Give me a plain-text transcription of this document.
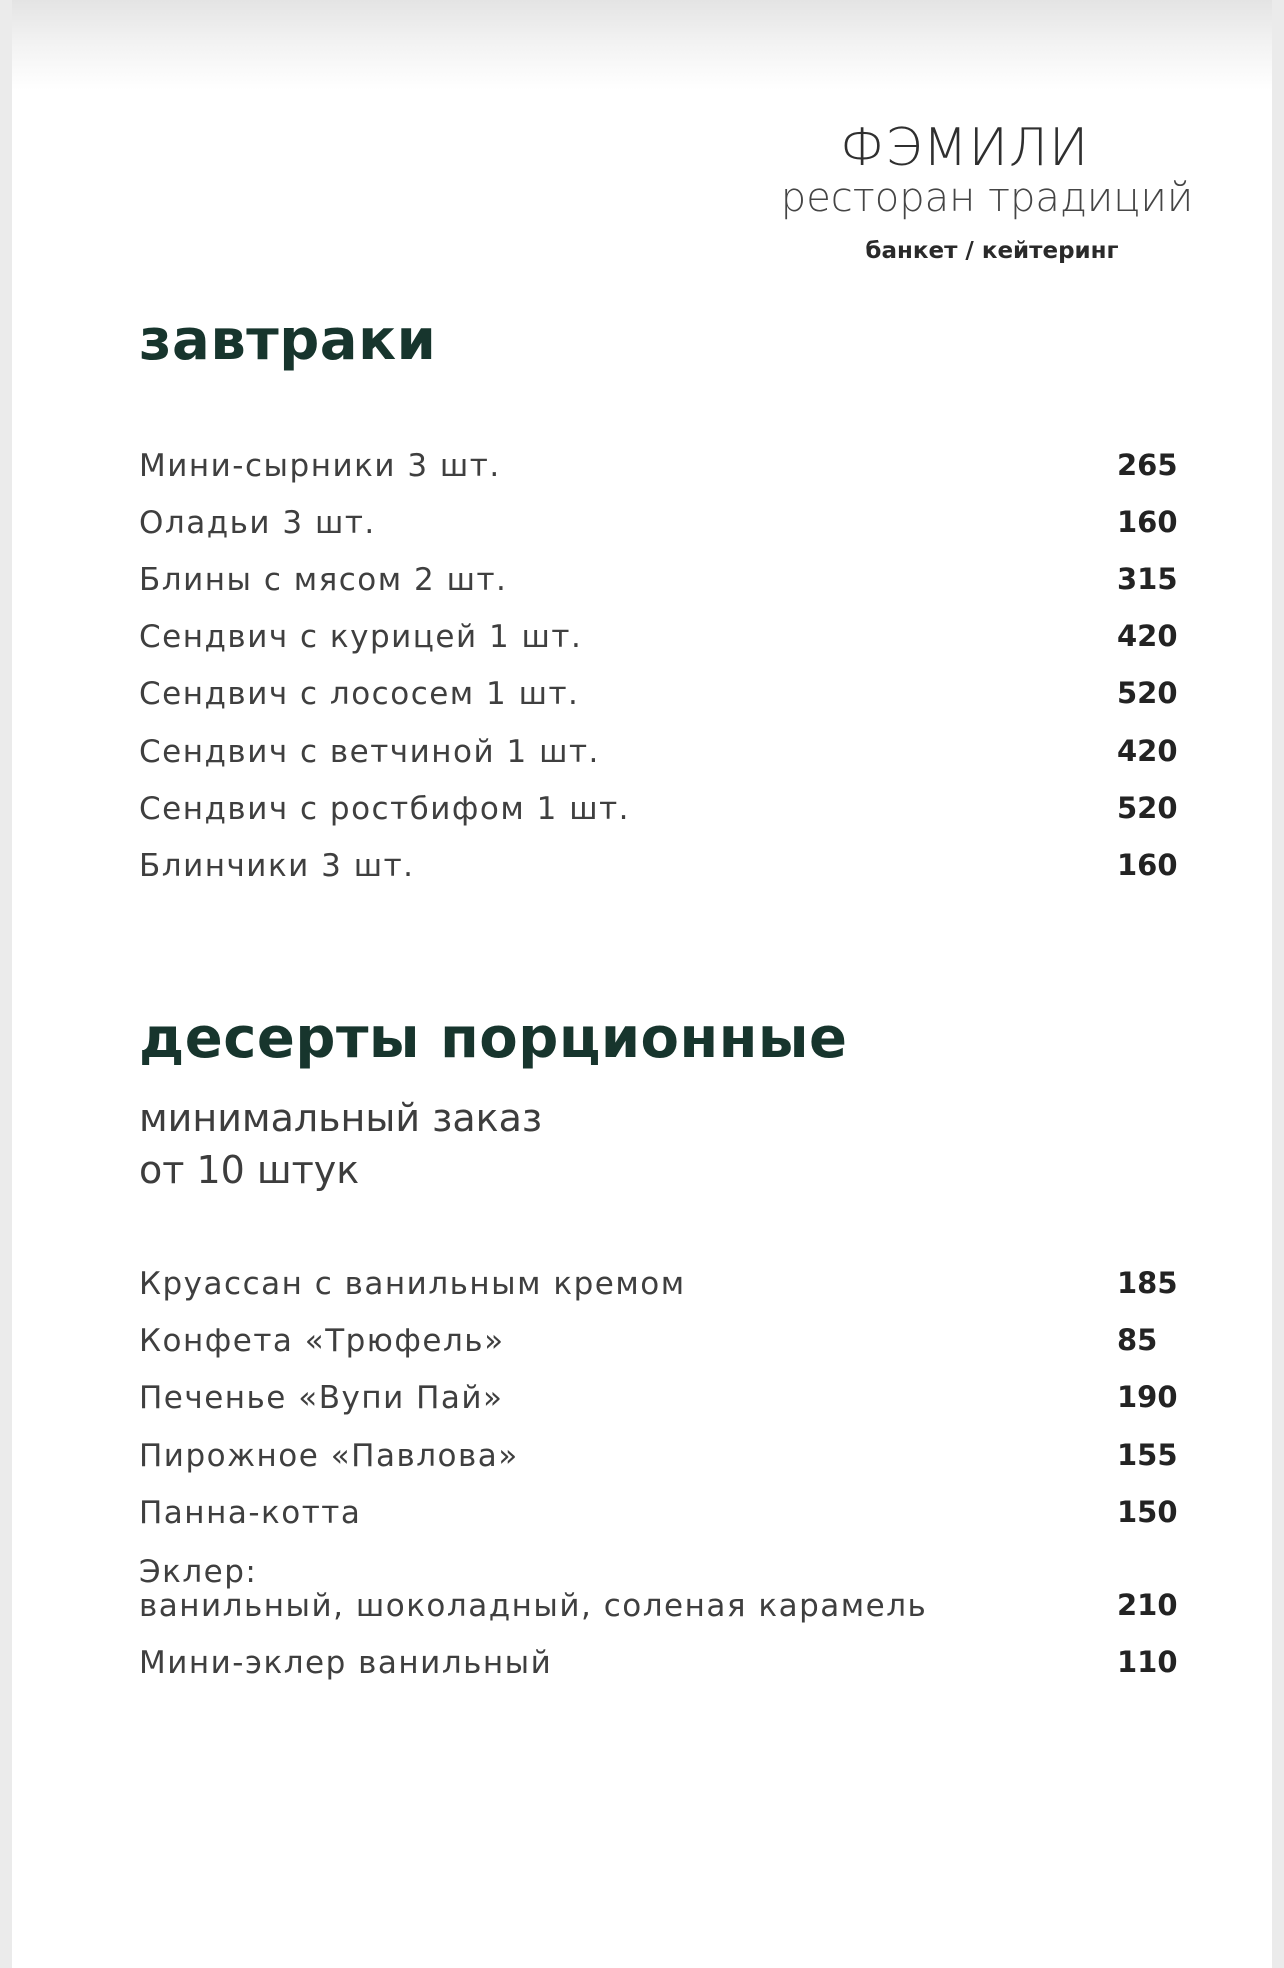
ФЭМИЛИ
ресторан традиций
банкет / кейтеринг
завтраки
Мини-сырники 3 шт.	265
Оладьи 3 шт.	160
Блины с мясом 2 шт.	315
Сендвич с курицей 1 шт.	420
Сендвич с лососем 1 шт.	520
Сендвич с ветчиной 1 шт.	420
Сендвич с ростбифом 1 шт.	520
Блинчики 3 шт.	160
десерты порционные
минимальный заказ
от 10 штук
Круассан с ванильным кремом	185
Конфета «Трюфель»	85
Печенье «Вупи Пай»	190
Пирожное «Павлова»	155
Панна-котта	150
Эклер:
ванильный, шоколадный, соленая карамель	210
Мини-эклер ванильный	110
